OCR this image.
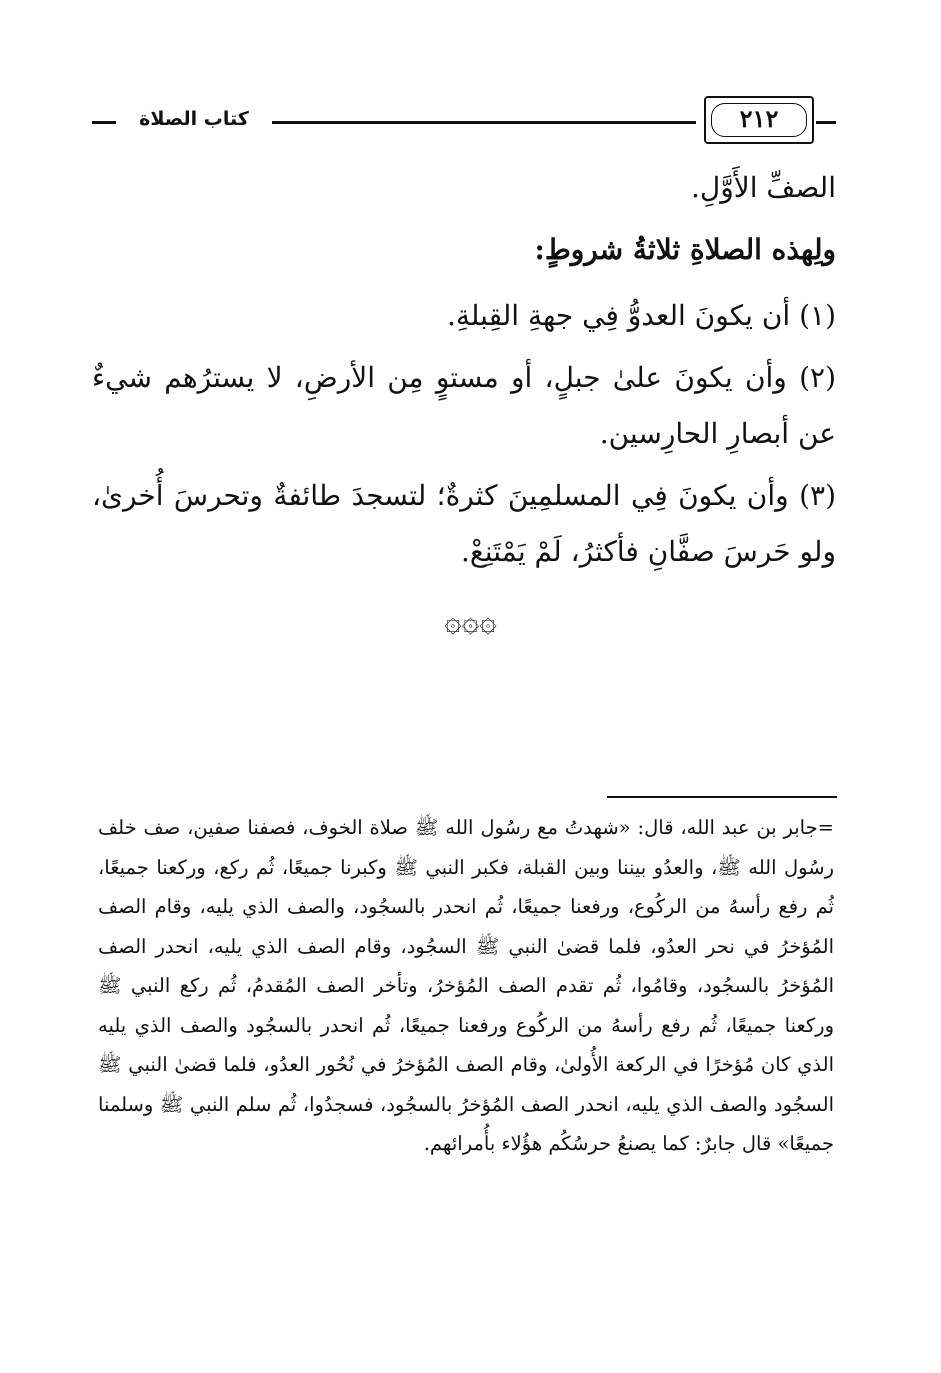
٢١٢
كتاب الصلاة

الصفِّ الأَوَّلِ.

ولِهذه الصلاةِ ثلاثةُ شروطٍ:

(١) أن يكونَ العدوُّ فِي جهةِ القِبلةِ.

(٢) وأن يكونَ علىٰ جبلٍ، أو مستوٍ مِن الأرضِ، لا يسترُهم شيءٌ عن أبصارِ الحارِسين.

(٣) وأن يكونَ فِي المسلمِينَ كثرةٌ؛ لتسجدَ طائفةٌ وتحرسَ أُخرىٰ، ولو حَرسَ صفَّانِ فأكثرُ، لَمْ يَمْتَنِعْ.

۞۞۞

=جابر بن عبد الله، قال: «شهدتُ مع رسُول الله ﷺ صلاة الخوف، فصفنا صفين، صف خلف رسُول الله ﷺ، والعدُو بيننا وبين القبلة، فكبر النبي ﷺ وكبرنا جميعًا، ثُم ركع، وركعنا جميعًا، ثُم رفع رأسهُ من الركُوع، ورفعنا جميعًا، ثُم انحدر بالسجُود، والصف الذي يليه، وقام الصف المُؤخرُ في نحر العدُو، فلما قضىٰ النبي ﷺ السجُود، وقام الصف الذي يليه، انحدر الصف المُؤخرُ بالسجُود، وقامُوا، ثُم تقدم الصف المُؤخرُ، وتأخر الصف المُقدمُ، ثُم ركع النبي ﷺ وركعنا جميعًا، ثُم رفع رأسهُ من الركُوع ورفعنا جميعًا، ثُم انحدر بالسجُود والصف الذي يليه الذي كان مُؤخرًا في الركعة الأُولىٰ، وقام الصف المُؤخرُ في نُحُور العدُو، فلما قضىٰ النبي ﷺ السجُود والصف الذي يليه، انحدر الصف المُؤخرُ بالسجُود، فسجدُوا، ثُم سلم النبي ﷺ وسلمنا جميعًا» قال جابرٌ: كما يصنعُ حرسُكُم هؤُلاء بأُمرائهم.
